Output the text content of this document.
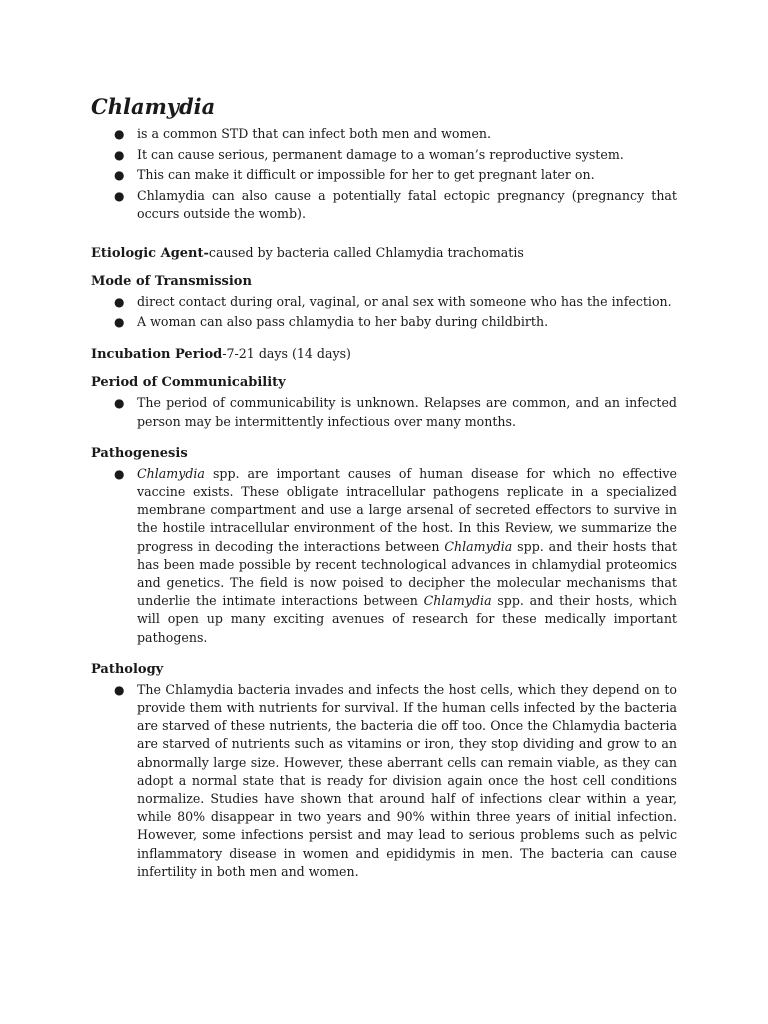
Chlamydia
● is a common STD that can infect both men and women.
● It can cause serious, permanent damage to a woman’s reproductive system.
● This can make it difficult or impossible for her to get pregnant later on.
● Chlamydia can also cause a potentially fatal ectopic pregnancy (pregnancy that occurs outside the womb).
Etiologic Agent-caused by bacteria called Chlamydia trachomatis
Mode of Transmission
● direct contact during oral, vaginal, or anal sex with someone who has the infection.
● A woman can also pass chlamydia to her baby during childbirth.
Incubation Period-7-21 days (14 days)
Period of Communicability
● The period of communicability is unknown. Relapses are common, and an infected person may be intermittently infectious over many months.
Pathogenesis
● Chlamydia spp. are important causes of human disease for which no effective vaccine exists. These obligate intracellular pathogens replicate in a specialized membrane compartment and use a large arsenal of secreted effectors to survive in the hostile intracellular environment of the host. In this Review, we summarize the progress in decoding the interactions between Chlamydia spp. and their hosts that has been made possible by recent technological advances in chlamydial proteomics and genetics. The field is now poised to decipher the molecular mechanisms that underlie the intimate interactions between Chlamydia spp. and their hosts, which will open up many exciting avenues of research for these medically important pathogens.
Pathology
● The Chlamydia bacteria invades and infects the host cells, which they depend on to provide them with nutrients for survival. If the human cells infected by the bacteria are starved of these nutrients, the bacteria die off too. Once the Chlamydia bacteria are starved of nutrients such as vitamins or iron, they stop dividing and grow to an abnormally large size. However, these aberrant cells can remain viable, as they can adopt a normal state that is ready for division again once the host cell conditions normalize. Studies have shown that around half of infections clear within a year, while 80% disappear in two years and 90% within three years of initial infection. However, some infections persist and may lead to serious problems such as pelvic inflammatory disease in women and epididymis in men. The bacteria can cause infertility in both men and women.
